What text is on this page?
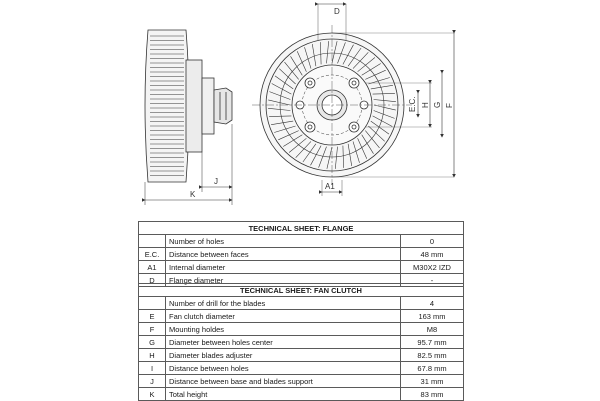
K
J
D
A1
E.C. H G F
TECHNICAL SHEET: FLANGE		
	Number of holes	0
E.C.	Distance between faces	48 mm
A1	Internal diameter	M30X2 IZD
D	Flange diameter	-
TECHNICAL SHEET: FAN CLUTCH		
	Number of drill for the blades	4
E	Fan clutch diameter	163 mm
F	Mounting holdes	M8
G	Diameter between holes center	95.7 mm
H	Diameter blades adjuster	82.5 mm
I	Distance between holes	67.8 mm
J	Distance between base and blades support	31 mm
K	Total height	83 mm
